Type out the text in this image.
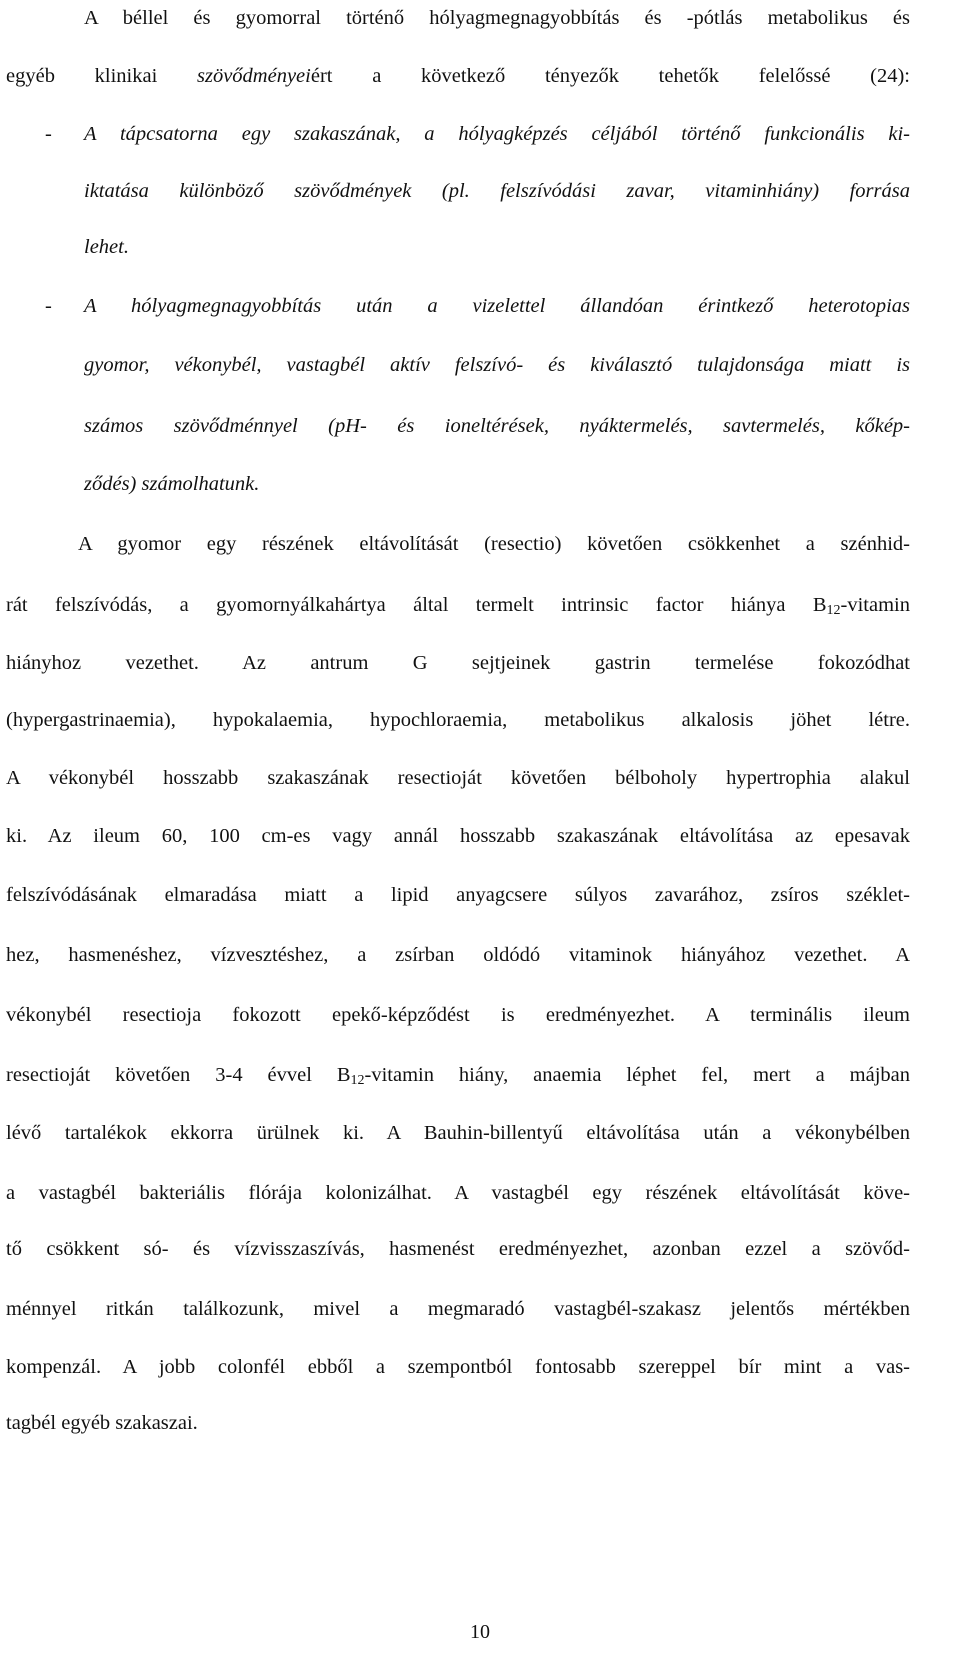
A béllel és gyomorral történő hólyagmegnagyobbítás és -pótlás metabolikus és
egyéb klinikai szövődményeiért a következő tényezők tehetők felelőssé (24):
-	A tápcsatorna egy szakaszának, a hólyagképzés céljából történő funkcionális ki-
iktatása különböző szövődmények (pl. felszívódási zavar, vitaminhiány) forrása
lehet.
-	A hólyagmegnagyobbítás után a vizelettel állandóan érintkező heterotopias
gyomor, vékonybél, vastagbél aktív felszívó- és kiválasztó tulajdonsága miatt is
számos szövődménnyel (pH- és ioneltérések, nyáktermelés, savtermelés, kőkép-
ződés) számolhatunk.
A gyomor egy részének eltávolítását (resectio) követően csökkenhet a szénhid-
rát felszívódás, a gyomornyálkahártya által termelt intrinsic factor hiánya $B_{12}$-vitamin
hiányhoz vezethet. Az antrum G sejtjeinek gastrin termelése fokozódhat
(hypergastrinaemia), hypokalaemia, hypochloraemia, metabolikus alkalosis jöhet létre.
A vékonybél hosszabb szakaszának resectioját követően bélboholy hypertrophia alakul
ki. Az ileum 60, 100 cm-es vagy annál hosszabb szakaszának eltávolítása az epesavak
felszívódásának elmaradása miatt a lipid anyagcsere súlyos zavarához, zsíros széklet-
hez, hasmenéshez, vízvesztéshez, a zsírban oldódó vitaminok hiányához vezethet. A
vékonybél resectioja fokozott epekő-képződést is eredményezhet. A terminális ileum
resectioját követően 3-4 évvel $B_{12}$-vitamin hiány, anaemia léphet fel, mert a májban
lévő tartalékok ekkorra ürülnek ki. A Bauhin-billentyű eltávolítása után a vékonybélben
a vastagbél bakteriális flórája kolonizálhat. A vastagbél egy részének eltávolítását köve-
tő csökkent só- és vízvisszaszívás, hasmenést eredményezhet, azonban ezzel a szövőd-
ménnyel ritkán találkozunk, mivel a megmaradó vastagbél-szakasz jelentős mértékben
kompenzál. A jobb colonfél ebből a szempontból fontosabb szereppel bír mint a vas-
tagbél egyéb szakaszai.
10
